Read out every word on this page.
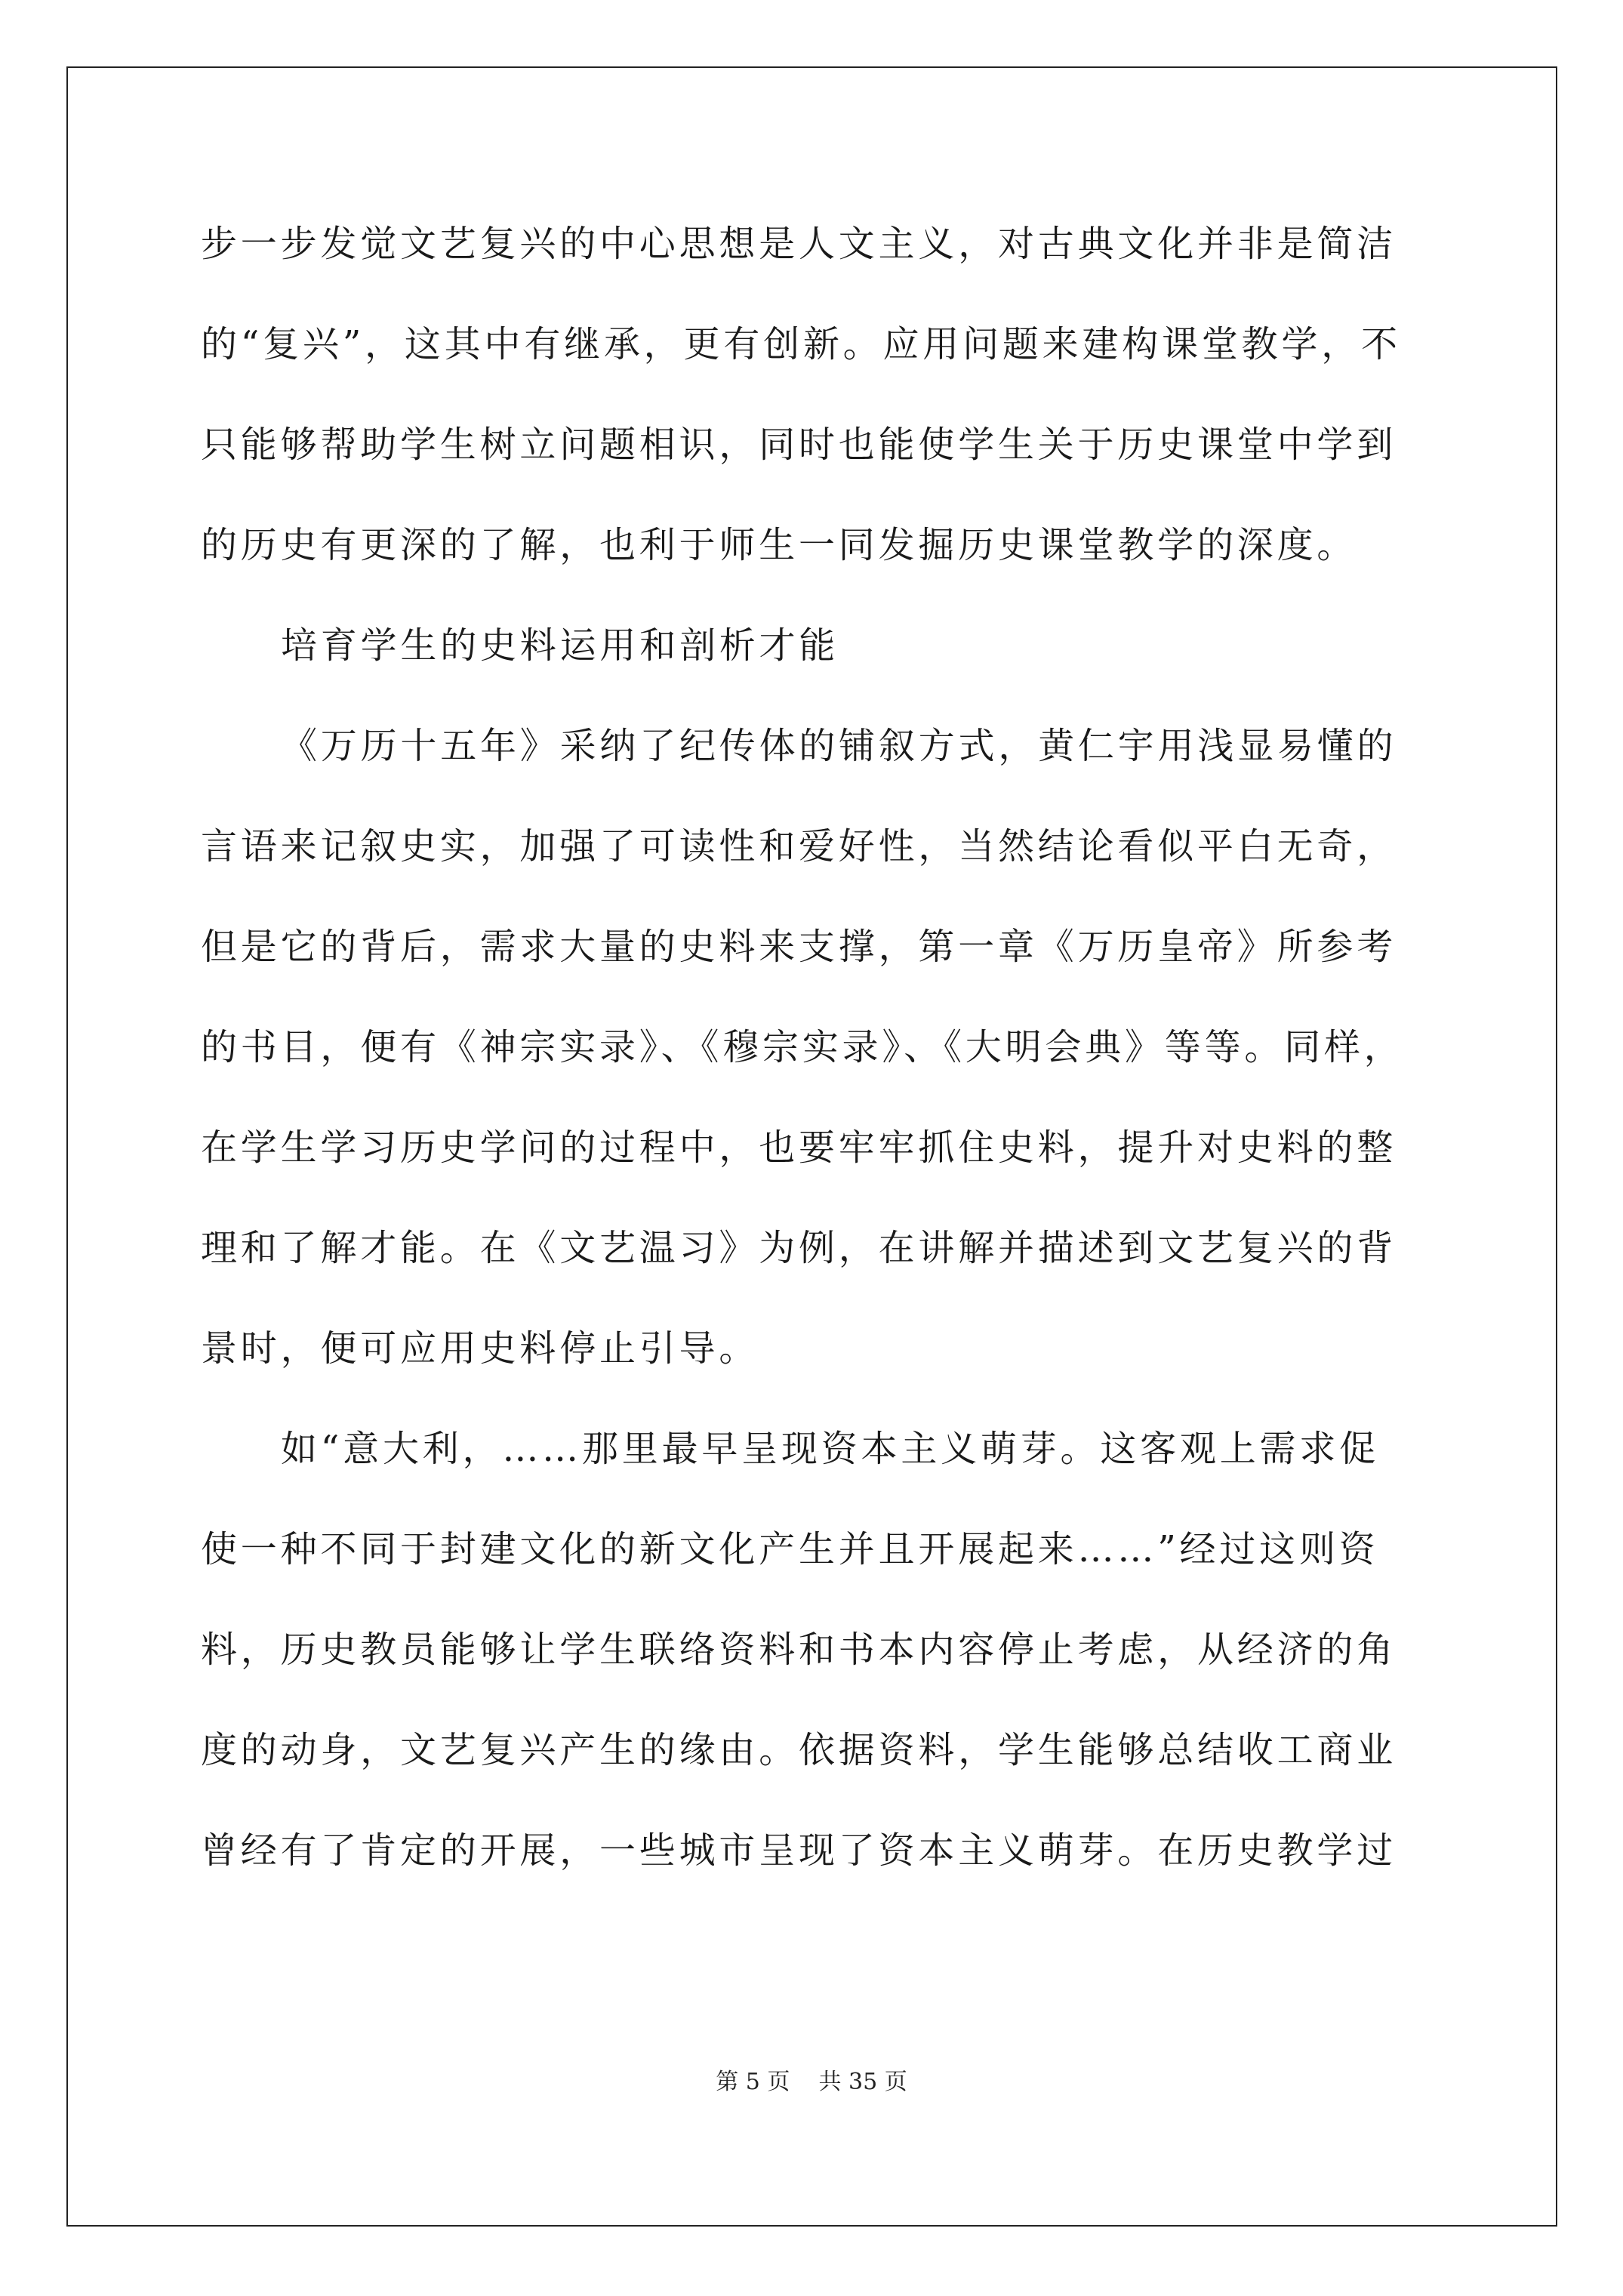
步一步发觉文艺复兴的中心思想是人文主义，对古典文化并非是简洁
的“复兴”，这其中有继承，更有创新。应用问题来建构课堂教学，不
只能够帮助学生树立问题相识，同时也能使学生关于历史课堂中学到
的历史有更深的了解，也利于师生一同发掘历史课堂教学的深度。
培育学生的史料运用和剖析才能
《万历十五年》采纳了纪传体的铺叙方式，黄仁宇用浅显易懂的
言语来记叙史实，加强了可读性和爱好性，当然结论看似平白无奇，
但是它的背后，需求大量的史料来支撑，第一章《万历皇帝》所参考
的书目，便有《神宗实录》、《穆宗实录》、《大明会典》等等。同样，
在学生学习历史学问的过程中，也要牢牢抓住史料，提升对史料的整
理和了解才能。在《文艺温习》为例，在讲解并描述到文艺复兴的背
景时，便可应用史料停止引导。
如“意大利，……那里最早呈现资本主义萌芽。这客观上需求促
使一种不同于封建文化的新文化产生并且开展起来……”经过这则资
料，历史教员能够让学生联络资料和书本内容停止考虑，从经济的角
度的动身，文艺复兴产生的缘由。依据资料，学生能够总结收工商业
曾经有了肯定的开展，一些城市呈现了资本主义萌芽。在历史教学过
第 5 页    共 35 页
